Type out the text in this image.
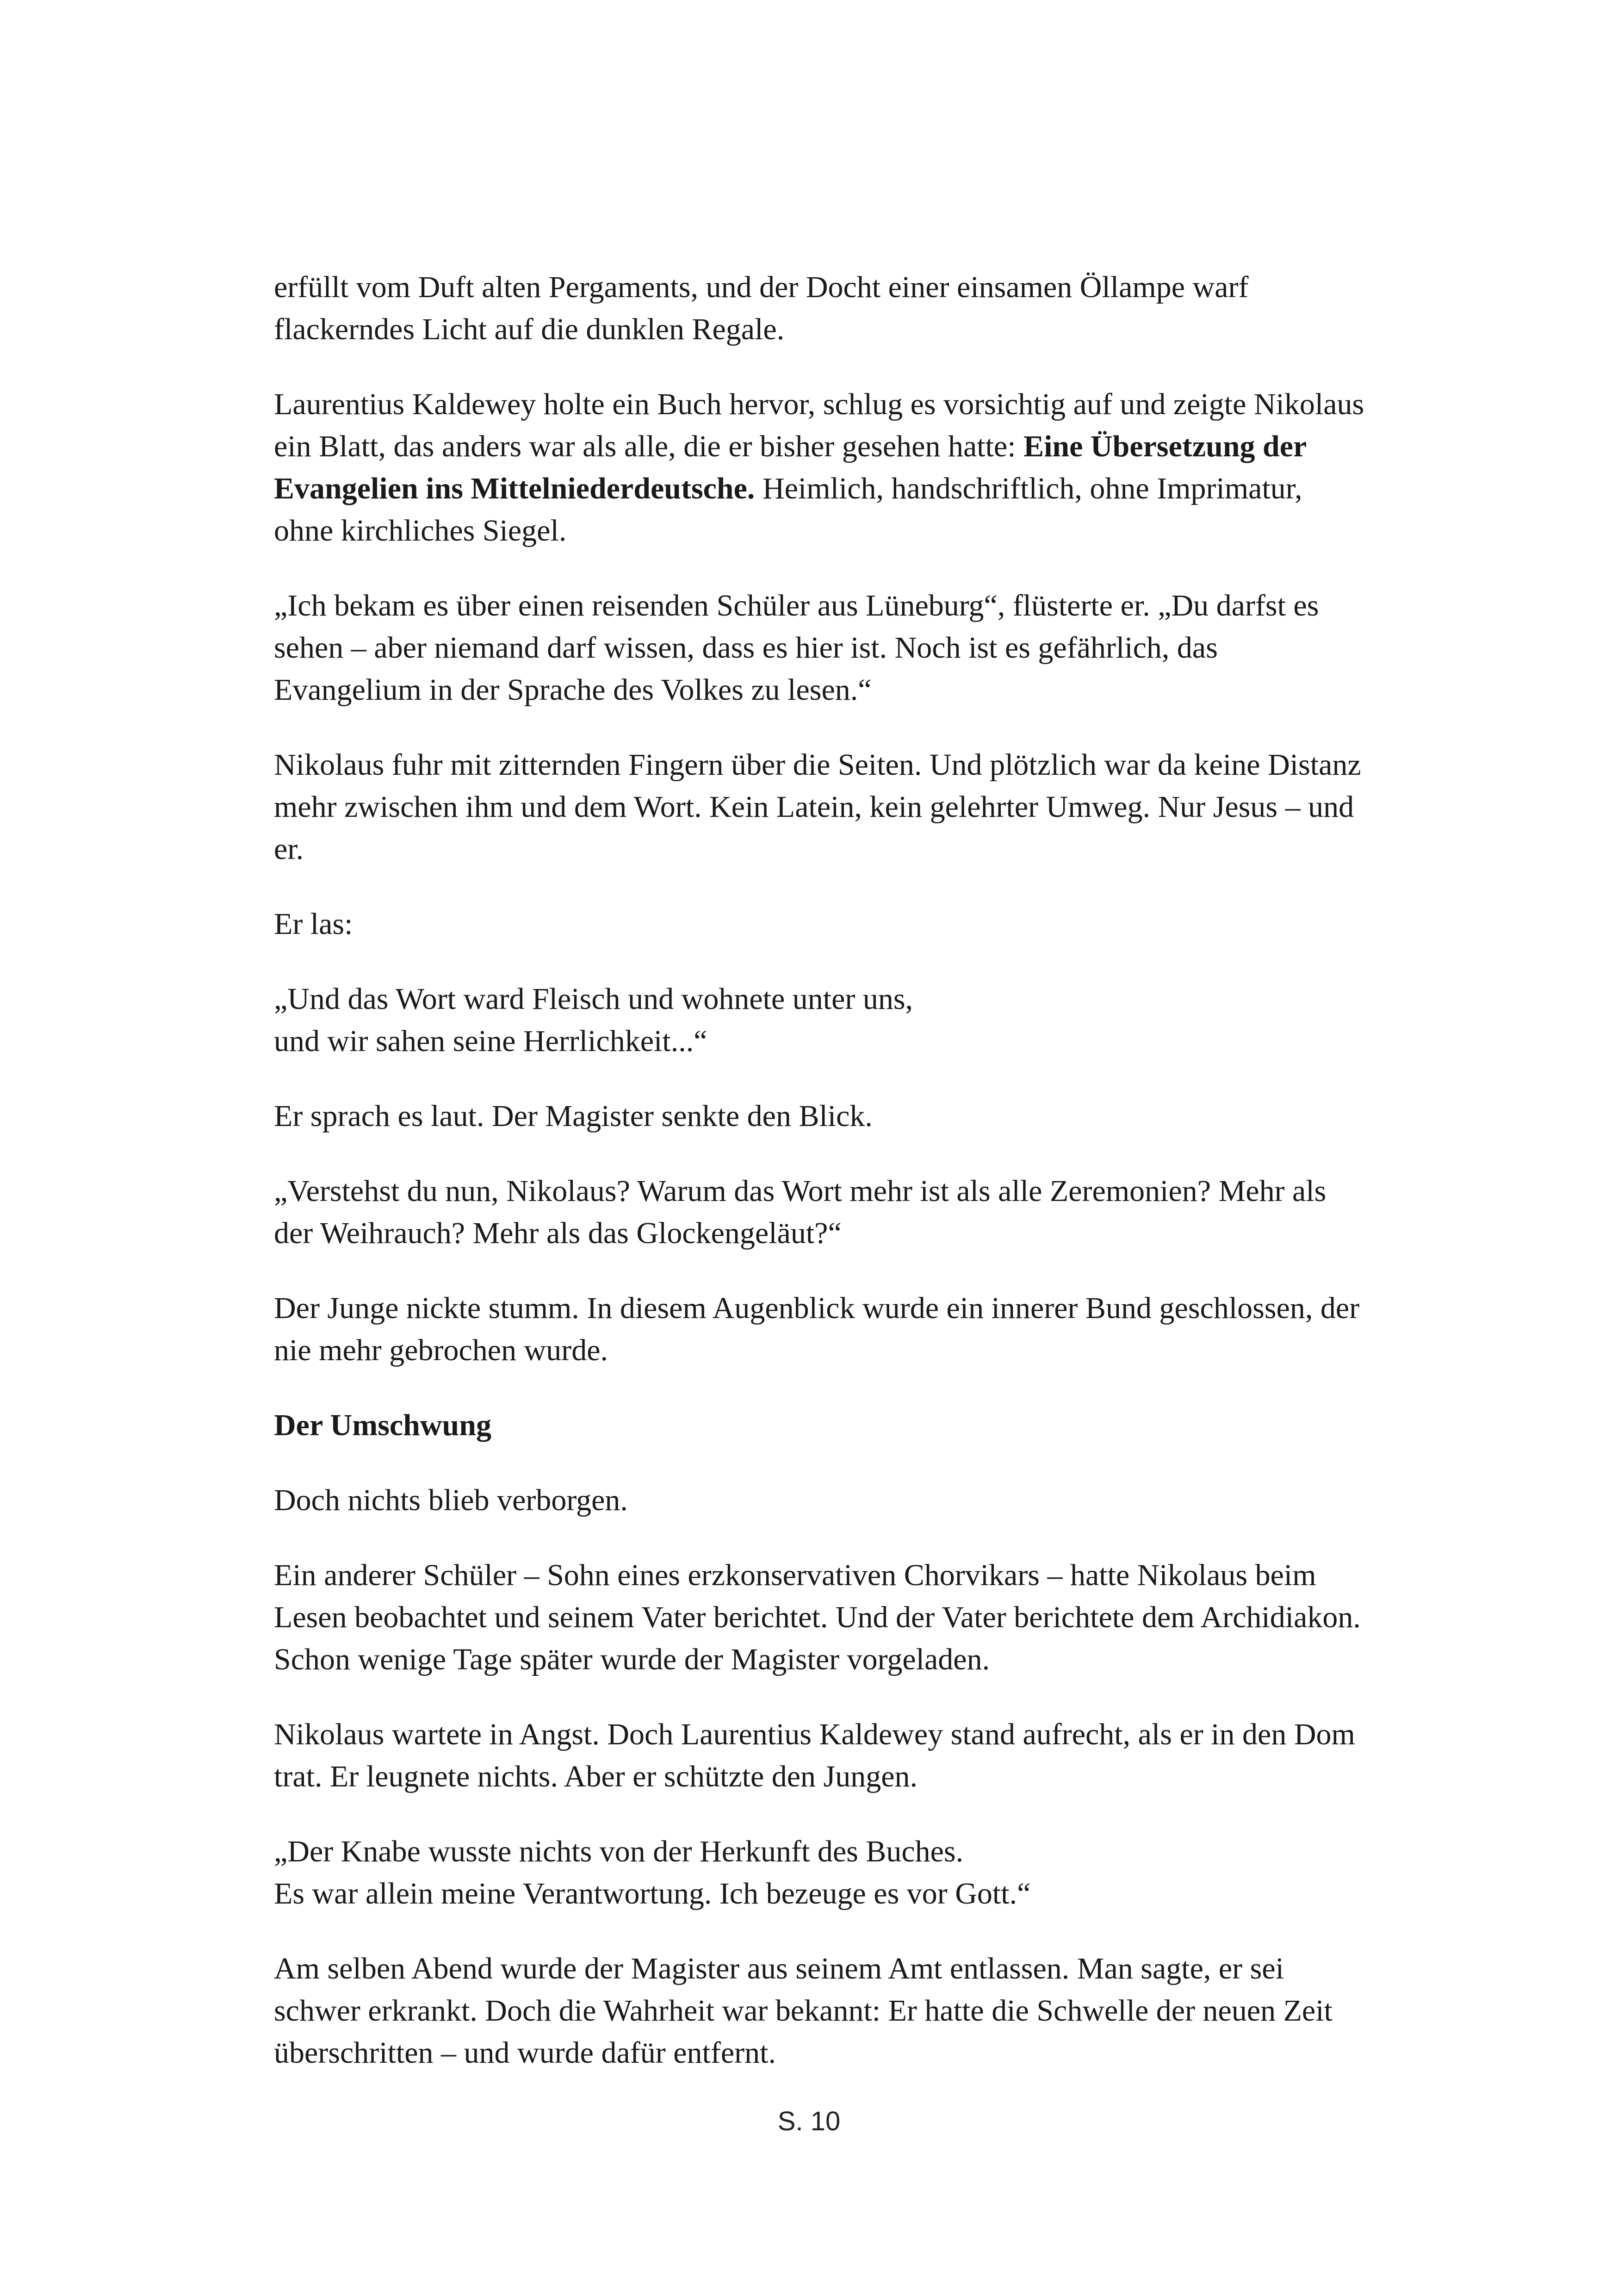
erfüllt vom Duft alten Pergaments, und der Docht einer einsamen Öllampe warf flackerndes Licht auf die dunklen Regale.

Laurentius Kaldewey holte ein Buch hervor, schlug es vorsichtig auf und zeigte Nikolaus ein Blatt, das anders war als alle, die er bisher gesehen hatte: Eine Übersetzung der Evangelien ins Mittelniederdeutsche. Heimlich, handschriftlich, ohne Imprimatur, ohne kirchliches Siegel.

„Ich bekam es über einen reisenden Schüler aus Lüneburg“, flüsterte er. „Du darfst es sehen – aber niemand darf wissen, dass es hier ist. Noch ist es gefährlich, das Evangelium in der Sprache des Volkes zu lesen.“

Nikolaus fuhr mit zitternden Fingern über die Seiten. Und plötzlich war da keine Distanz mehr zwischen ihm und dem Wort. Kein Latein, kein gelehrter Umweg. Nur Jesus – und er.

Er las:

„Und das Wort ward Fleisch und wohnete unter uns,
und wir sahen seine Herrlichkeit...“

Er sprach es laut. Der Magister senkte den Blick.

„Verstehst du nun, Nikolaus? Warum das Wort mehr ist als alle Zeremonien? Mehr als der Weihrauch? Mehr als das Glockengeläut?“

Der Junge nickte stumm. In diesem Augenblick wurde ein innerer Bund geschlossen, der nie mehr gebrochen wurde.

Der Umschwung

Doch nichts blieb verborgen.

Ein anderer Schüler – Sohn eines erzkonservativen Chorvikars – hatte Nikolaus beim Lesen beobachtet und seinem Vater berichtet. Und der Vater berichtete dem Archidiakon. Schon wenige Tage später wurde der Magister vorgeladen.

Nikolaus wartete in Angst. Doch Laurentius Kaldewey stand aufrecht, als er in den Dom trat. Er leugnete nichts. Aber er schützte den Jungen.

„Der Knabe wusste nichts von der Herkunft des Buches.
Es war allein meine Verantwortung. Ich bezeuge es vor Gott.“

Am selben Abend wurde der Magister aus seinem Amt entlassen. Man sagte, er sei schwer erkrankt. Doch die Wahrheit war bekannt: Er hatte die Schwelle der neuen Zeit überschritten – und wurde dafür entfernt.

S. 10
